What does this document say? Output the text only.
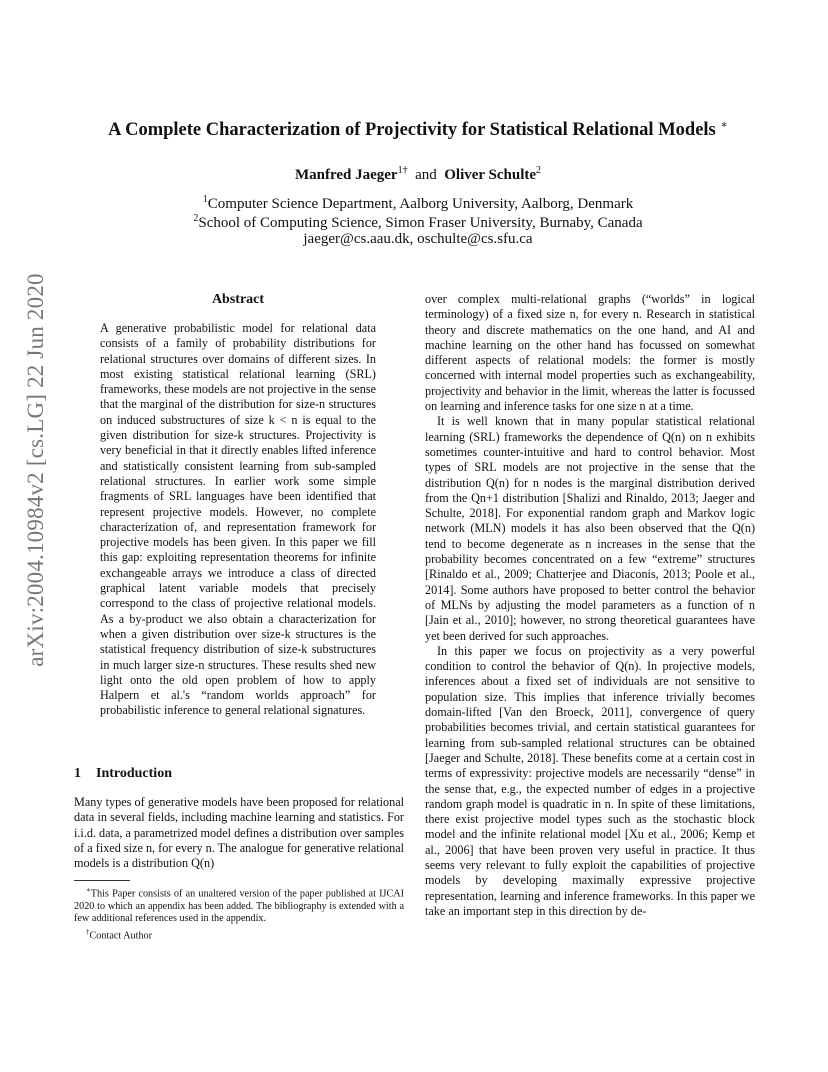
arXiv:2004.10984v2 [cs.LG] 22 Jun 2020
A Complete Characterization of Projectivity for Statistical Relational Models ∗
Manfred Jaeger$^{1\dagger}$ and Oliver Schulte$^2$
$^1$Computer Science Department, Aalborg University, Aalborg, Denmark
$^2$School of Computing Science, Simon Fraser University, Burnaby, Canada
jaeger@cs.aau.dk, oschulte@cs.sfu.ca
Abstract

A generative probabilistic model for relational data consists of a family of probability distributions for relational structures over domains of different sizes. In most existing statistical relational learning (SRL) frameworks, these models are not projective in the sense that the marginal of the distribution for size-n structures on induced substructures of size k < n is equal to the given distribution for size-k structures. Projectivity is very beneficial in that it directly enables lifted inference and statistically consistent learning from sub-sampled relational structures. In earlier work some simple fragments of SRL languages have been identified that represent projective models. However, no complete characterization of, and representation framework for projective models has been given. In this paper we fill this gap: exploiting representation theorems for infinite exchangeable arrays we introduce a class of directed graphical latent variable models that precisely correspond to the class of projective relational models. As a by-product we also obtain a characterization for when a given distribution over size-k structures is the statistical frequency distribution of size-k substructures in much larger size-n structures. These results shed new light onto the old open problem of how to apply Halpern et al.'s “random worlds approach” for probabilistic inference to general relational signatures.

1 Introduction

Many types of generative models have been proposed for relational data in several fields, including machine learning and statistics. For i.i.d. data, a parametrized model defines a distribution over samples of a fixed size n, for every n. The analogue for generative relational models is a distribution Q(n)

∗This Paper consists of an unaltered version of the paper published at IJCAI 2020 to which an appendix has been added. The bibliography is extended with a few additional references used in the appendix.

†Contact Author

over complex multi-relational graphs (“worlds” in logical terminology) of a fixed size n, for every n. Research in statistical theory and discrete mathematics on the one hand, and AI and machine learning on the other hand has focussed on somewhat different aspects of relational models: the former is mostly concerned with internal model properties such as exchangeability, projectivity and behavior in the limit, whereas the latter is focussed on learning and inference tasks for one size n at a time.

It is well known that in many popular statistical relational learning (SRL) frameworks the dependence of Q(n) on n exhibits sometimes counter-intuitive and hard to control behavior. Most types of SRL models are not projective in the sense that the distribution Q(n) for n nodes is the marginal distribution derived from the Qn+1 distribution [Shalizi and Rinaldo, 2013; Jaeger and Schulte, 2018]. For exponential random graph and Markov logic network (MLN) models it has also been observed that the Q(n) tend to become degenerate as n increases in the sense that the probability becomes concentrated on a few “extreme” structures [Rinaldo et al., 2009; Chatterjee and Diaconis, 2013; Poole et al., 2014]. Some authors have proposed to better control the behavior of MLNs by adjusting the model parameters as a function of n [Jain et al., 2010]; however, no strong theoretical guarantees have yet been derived for such approaches.

In this paper we focus on projectivity as a very powerful condition to control the behavior of Q(n). In projective models, inferences about a fixed set of individuals are not sensitive to population size. This implies that inference trivially becomes domain-lifted [Van den Broeck, 2011], convergence of query probabilities becomes trivial, and certain statistical guarantees for learning from sub-sampled relational structures can be obtained [Jaeger and Schulte, 2018]. These benefits come at a certain cost in terms of expressivity: projective models are necessarily “dense” in the sense that, e.g., the expected number of edges in a projective random graph model is quadratic in n. In spite of these limitations, there exist projective model types such as the stochastic block model and the infinite relational model [Xu et al., 2006; Kemp et al., 2006] that have been proven very useful in practice. It thus seems very relevant to fully exploit the capabilities of projective models by developing maximally expressive projective representation, learning and inference frameworks. In this paper we take an important step in this direction by de-
